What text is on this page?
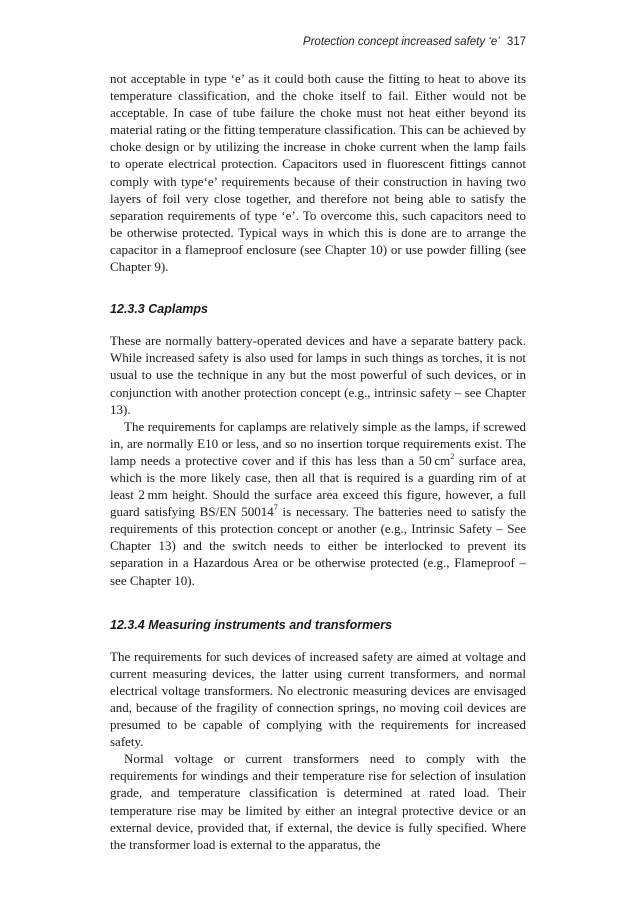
Protection concept increased safety ‘e’ 317

not acceptable in type ‘e’ as it could both cause the fitting to heat to above its temperature classification, and the choke itself to fail. Either would not be acceptable. In case of tube failure the choke must not heat either beyond its material rating or the fitting temperature classification. This can be achieved by choke design or by utilizing the increase in choke current when the lamp fails to operate electrical protection. Capacitors used in fluorescent fittings cannot comply with type‘e’ requirements because of their construction in having two layers of foil very close together, and therefore not being able to satisfy the separation requirements of type ‘e’. To overcome this, such capacitors need to be otherwise protected. Typical ways in which this is done are to arrange the capacitor in a flameproof enclosure (see Chapter 10) or use powder filling (see Chapter 9).

12.3.3 Caplamps

These are normally battery-operated devices and have a separate battery pack. While increased safety is also used for lamps in such things as torches, it is not usual to use the technique in any but the most powerful of such devices, or in conjunction with another protection concept (e.g., intrinsic safety – see Chapter 13).

The requirements for caplamps are relatively simple as the lamps, if screwed in, are normally E10 or less, and so no insertion torque requirements exist. The lamp needs a protective cover and if this has less than a 50 $cm^2$ surface area, which is the more likely case, then all that is required is a guarding rim of at least 2 mm height. Should the surface area exceed this figure, however, a full guard satisfying BS/EN 50014$^7$ is necessary. The batteries need to satisfy the requirements of this protection concept or another (e.g., Intrinsic Safety – See Chapter 13) and the switch needs to either be interlocked to prevent its separation in a Hazardous Area or be otherwise protected (e.g., Flameproof – see Chapter 10).

12.3.4 Measuring instruments and transformers

The requirements for such devices of increased safety are aimed at voltage and current measuring devices, the latter using current transformers, and normal electrical voltage transformers. No electronic measuring devices are envisaged and, because of the fragility of connection springs, no moving coil devices are presumed to be capable of complying with the requirements for increased safety.

Normal voltage or current transformers need to comply with the requirements for windings and their temperature rise for selection of insulation grade, and temperature classification is determined at rated load. Their temperature rise may be limited by either an integral protective device or an external device, provided that, if external, the device is fully specified. Where the transformer load is external to the apparatus, the
